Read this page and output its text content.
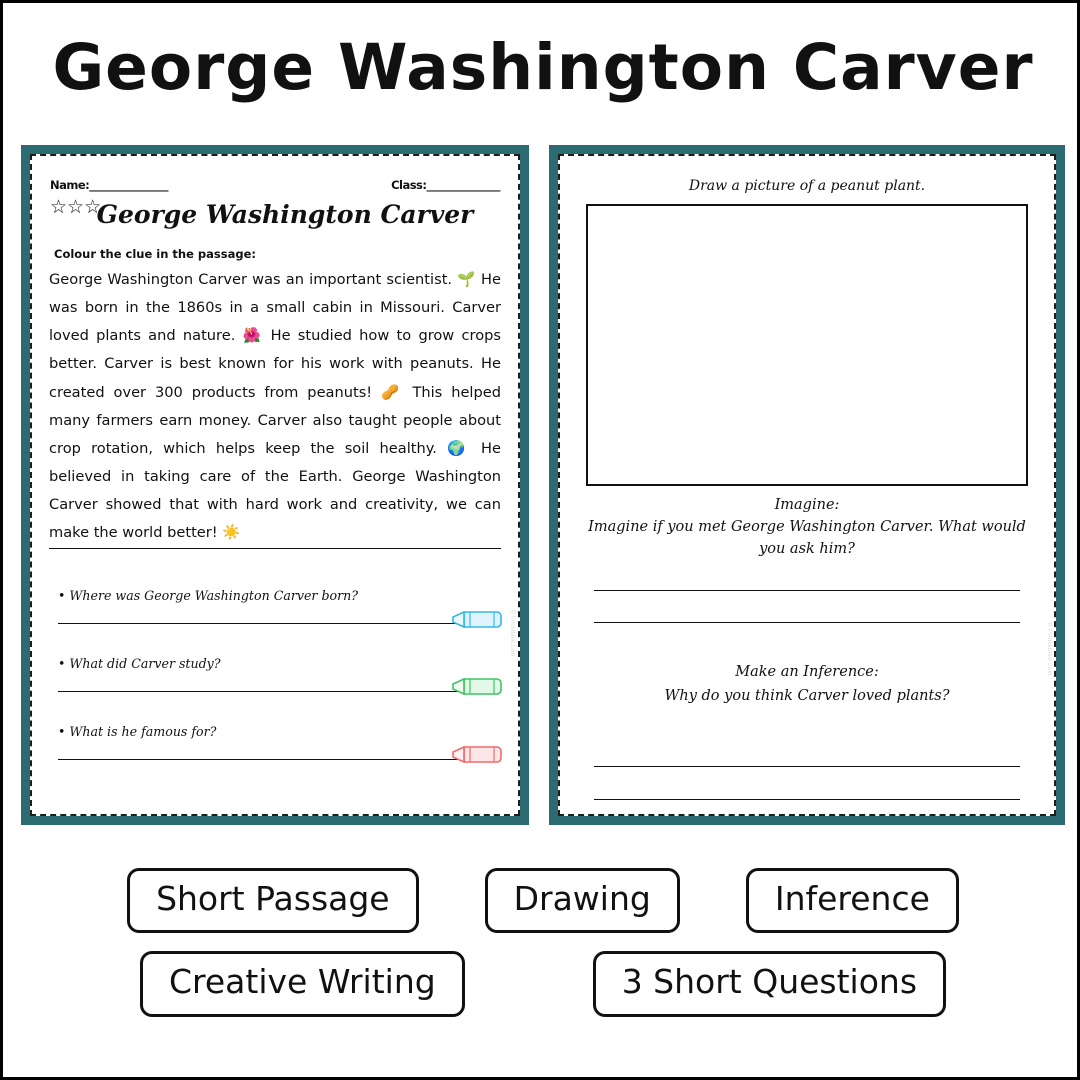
George Washington Carver
Name:_______________	Class:______________
☆☆☆
George Washington Carver
Colour the clue in the passage:
George Washington Carver was an important scientist. 🌱 He was born in the 1860s in a small cabin in Missouri. Carver loved plants and nature. 🌺 He studied how to grow crops better. Carver is best known for his work with peanuts. He created over 300 products from peanuts! 🥜 This helped many farmers earn money. Carver also taught people about crop rotation, which helps keep the soil healthy. 🌍 He believed in taking care of the Earth. George Washington Carver showed that with hard work and creativity, we can make the world better! ☀️
• Where was George Washington Carver born?
• What did Carver study?
• What is he famous for?
© Printablee.com
Draw a picture of a peanut plant.
Imagine:
Imagine if you met George Washington Carver. What would you ask him?
Make an Inference:
Why do you think Carver loved plants?
© Printablee.com
Short Passage	Drawing	Inference
Creative Writing	3 Short Questions
